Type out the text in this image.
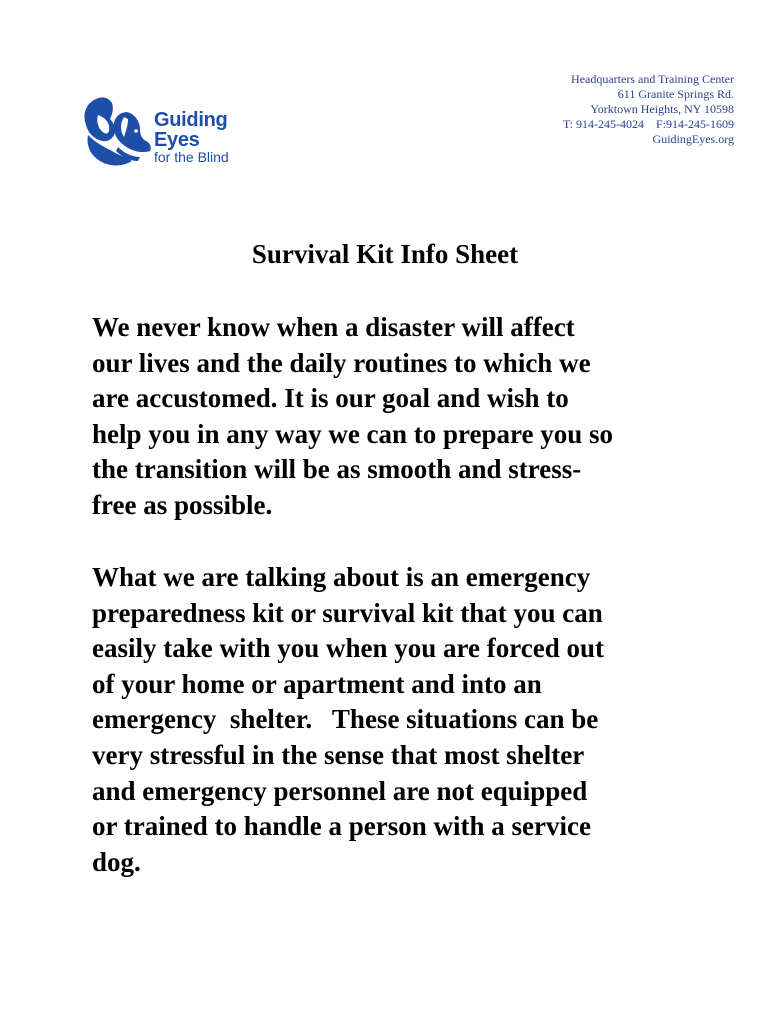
Headquarters and Training Center
611 Granite Springs Rd.
Yorktown Heights, NY 10598
T: 914-245-4024    F:914-245-1609
GuidingEyes.org
Guiding
Eyes
for the Blind
Survival Kit Info Sheet
We never know when a disaster will affect
our lives and the daily routines to which we
are accustomed. It is our goal and wish to
help you in any way we can to prepare you so
the transition will be as smooth and stress-
free as possible.
What we are talking about is an emergency
preparedness kit or survival kit that you can
easily take with you when you are forced out
of your home or apartment and into an
emergency  shelter.   These situations can be
very stressful in the sense that most shelter
and emergency personnel are not equipped
or trained to handle a person with a service
dog.
